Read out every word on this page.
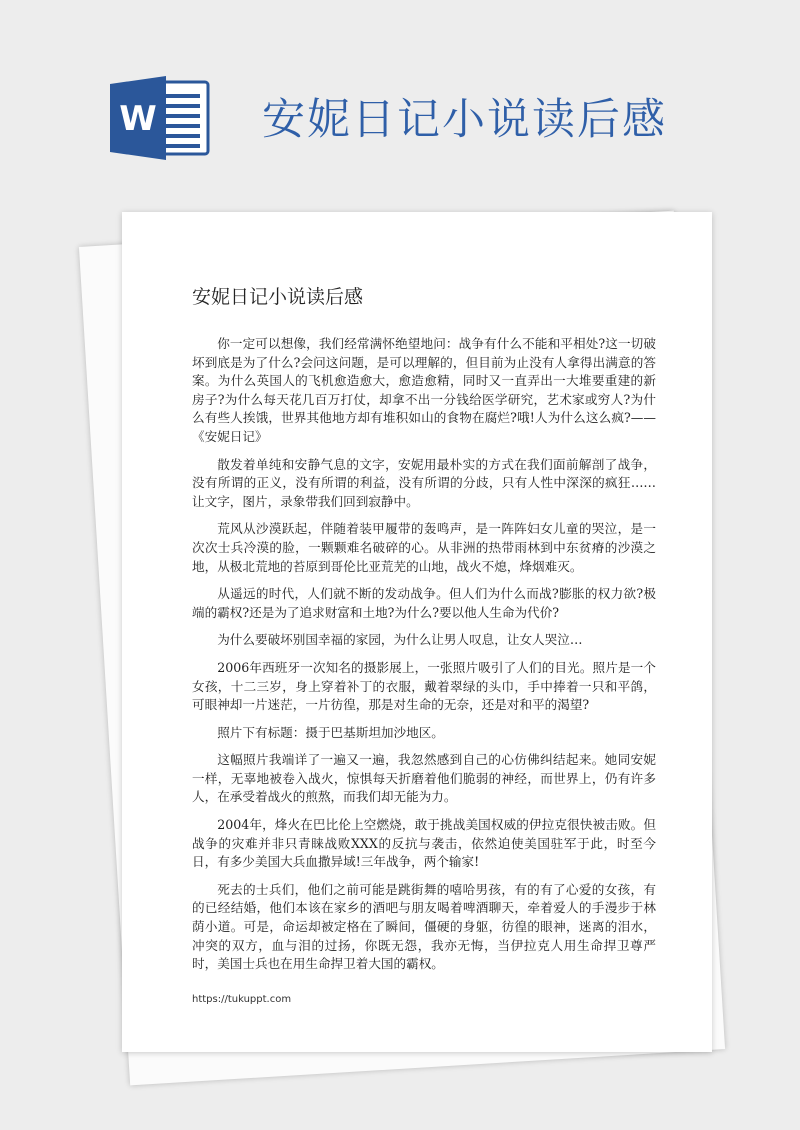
W 安妮日记小说读后感
安妮日记小说读后感

你一定可以想像，我们经常满怀绝望地问：战争有什么不能和平相处?这一切破坏到底是为了什么?会问这问题，是可以理解的，但目前为止没有人拿得出满意的答案。为什么英国人的飞机愈造愈大，愈造愈精，同时又一直弄出一大堆要重建的新房子?为什么每天花几百万打仗，却拿不出一分钱给医学研究，艺术家或穷人?为什么有些人挨饿，世界其他地方却有堆积如山的食物在腐烂?哦!人为什么这么疯?——《安妮日记》

散发着单纯和安静气息的文字，安妮用最朴实的方式在我们面前解剖了战争，没有所谓的正义，没有所谓的利益，没有所谓的分歧，只有人性中深深的疯狂……让文字，图片，录象带我们回到寂静中。

荒风从沙漠跃起，伴随着装甲履带的轰鸣声，是一阵阵妇女儿童的哭泣，是一次次士兵冷漠的脸，一颗颗难名破碎的心。从非洲的热带雨林到中东贫瘠的沙漠之地，从极北荒地的苔原到哥伦比亚荒芜的山地，战火不熄，烽烟难灭。

从遥远的时代，人们就不断的发动战争。但人们为什么而战?膨胀的权力欲?极端的霸权?还是为了追求财富和土地?为什么?要以他人生命为代价?

为什么要破坏别国幸福的家园，为什么让男人叹息，让女人哭泣…

2006年西班牙一次知名的摄影展上，一张照片吸引了人们的目光。照片是一个女孩，十二三岁，身上穿着补丁的衣服，戴着翠绿的头巾，手中捧着一只和平鸽，可眼神却一片迷茫，一片彷徨，那是对生命的无奈，还是对和平的渴望?

照片下有标题：摄于巴基斯坦加沙地区。

这幅照片我端详了一遍又一遍，我忽然感到自己的心仿佛纠结起来。她同安妮一样，无辜地被卷入战火，惊惧每天折磨着他们脆弱的神经，而世界上，仍有许多人，在承受着战火的煎熬，而我们却无能为力。

2004年，烽火在巴比伦上空燃烧，敢于挑战美国权威的伊拉克很快被击败。但战争的灾难并非只青睐战败XXX的反抗与袭击，依然迫使美国驻军于此，时至今日，有多少美国大兵血撒异域!三年战争，两个输家!

死去的士兵们，他们之前可能是跳街舞的嘻哈男孩，有的有了心爱的女孩，有的已经结婚，他们本该在家乡的酒吧与朋友喝着啤酒聊天，牵着爱人的手漫步于林荫小道。可是，命运却被定格在了瞬间，僵硬的身躯，彷徨的眼神，迷离的泪水，冲突的双方，血与泪的过扬，你既无怨，我亦无悔，当伊拉克人用生命捍卫尊严时，美国士兵也在用生命捍卫着大国的霸权。

https://tukuppt.com
